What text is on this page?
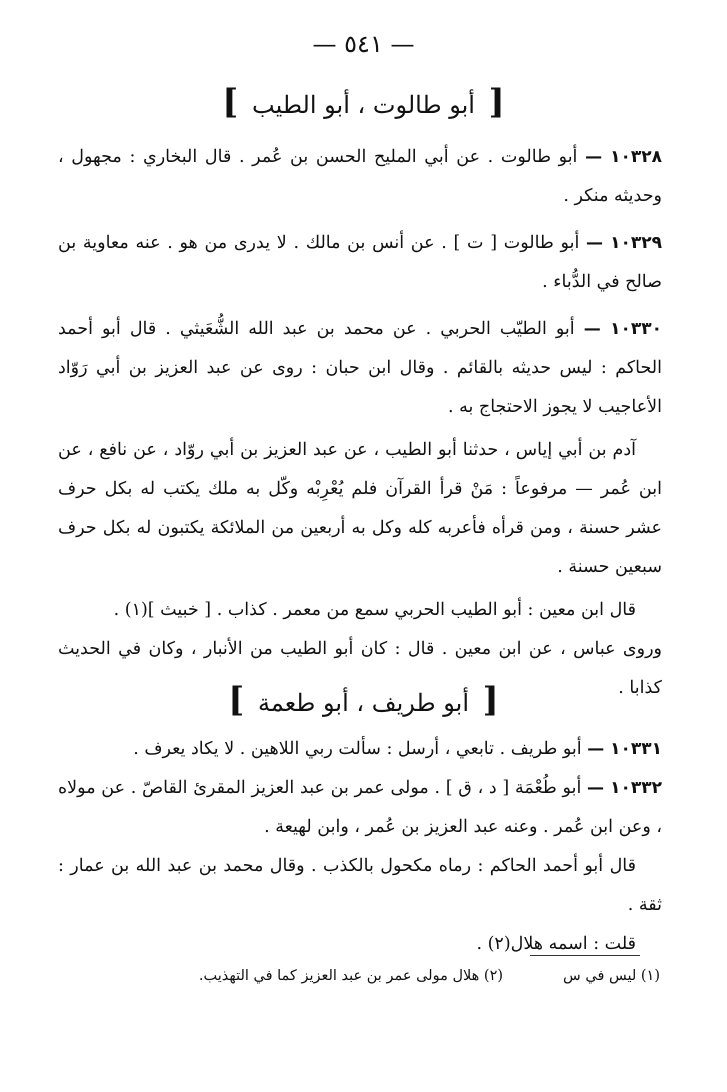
— ٥٤١ —
[ أبو طالوت ، أبو الطيب ]

١٠٣٢٨ — أبو طالوت . عن أبي المليح الحسن بن عُمر . قال البخاري : مجهول ، وحديثه منكر .

١٠٣٢٩ — أبو طالوت [ ت ] . عن أنس بن مالك . لا يدرى من هو . عنه معاوية بن صالح في الدُّباء .

١٠٣٣٠ — أبو الطيّب الحربي . عن محمد بن عبد الله الشُّعَيثي . قال أبو أحمد الحاكم : ليس حديثه بالقائم . وقال ابن حبان : روى عن عبد العزيز بن أبي رَوّاد الأعاجيب لا يجوز الاحتجاج به .

آدم بن أبي إياس ، حدثنا أبو الطيب ، عن عبد العزيز بن أبي روّاد ، عن نافع ، عن ابن عُمر — مرفوعاً : مَنْ قرأ القرآن فلم يُعْرِبْه وكّل به ملك يكتب له بكل حرف عشر حسنة ، ومن قرأه فأعربه كله وكل به أربعين من الملائكة يكتبون له بكل حرف سبعين حسنة .

قال ابن معين : أبو الطيب الحربي سمع من معمر . كذاب . [ خبيث ](١) .

وروى عباس ، عن ابن معين . قال : كان أبو الطيب من الأنبار ، وكان في الحديث كذابا .

[ أبو طريف ، أبو طعمة ]

١٠٣٣١ — أبو طريف . تابعي ، أرسل : سألت ربي اللاهين . لا يكاد يعرف .

١٠٣٣٢ — أبو طُعْمَة [ د ، ق ] . مولى عمر بن عبد العزيز المقرئ القاصّ . عن مولاه ، وعن ابن عُمر . وعنه عبد العزيز بن عُمر ، وابن لهيعة .

قال أبو أحمد الحاكم : رماه مكحول بالكذب . وقال محمد بن عبد الله بن عمار : ثقة .

قلت : اسمه هلال(٢) .

(١) ليس في س
(٢) هلال مولى عمر بن عبد العزيز كما في التهذيب.
